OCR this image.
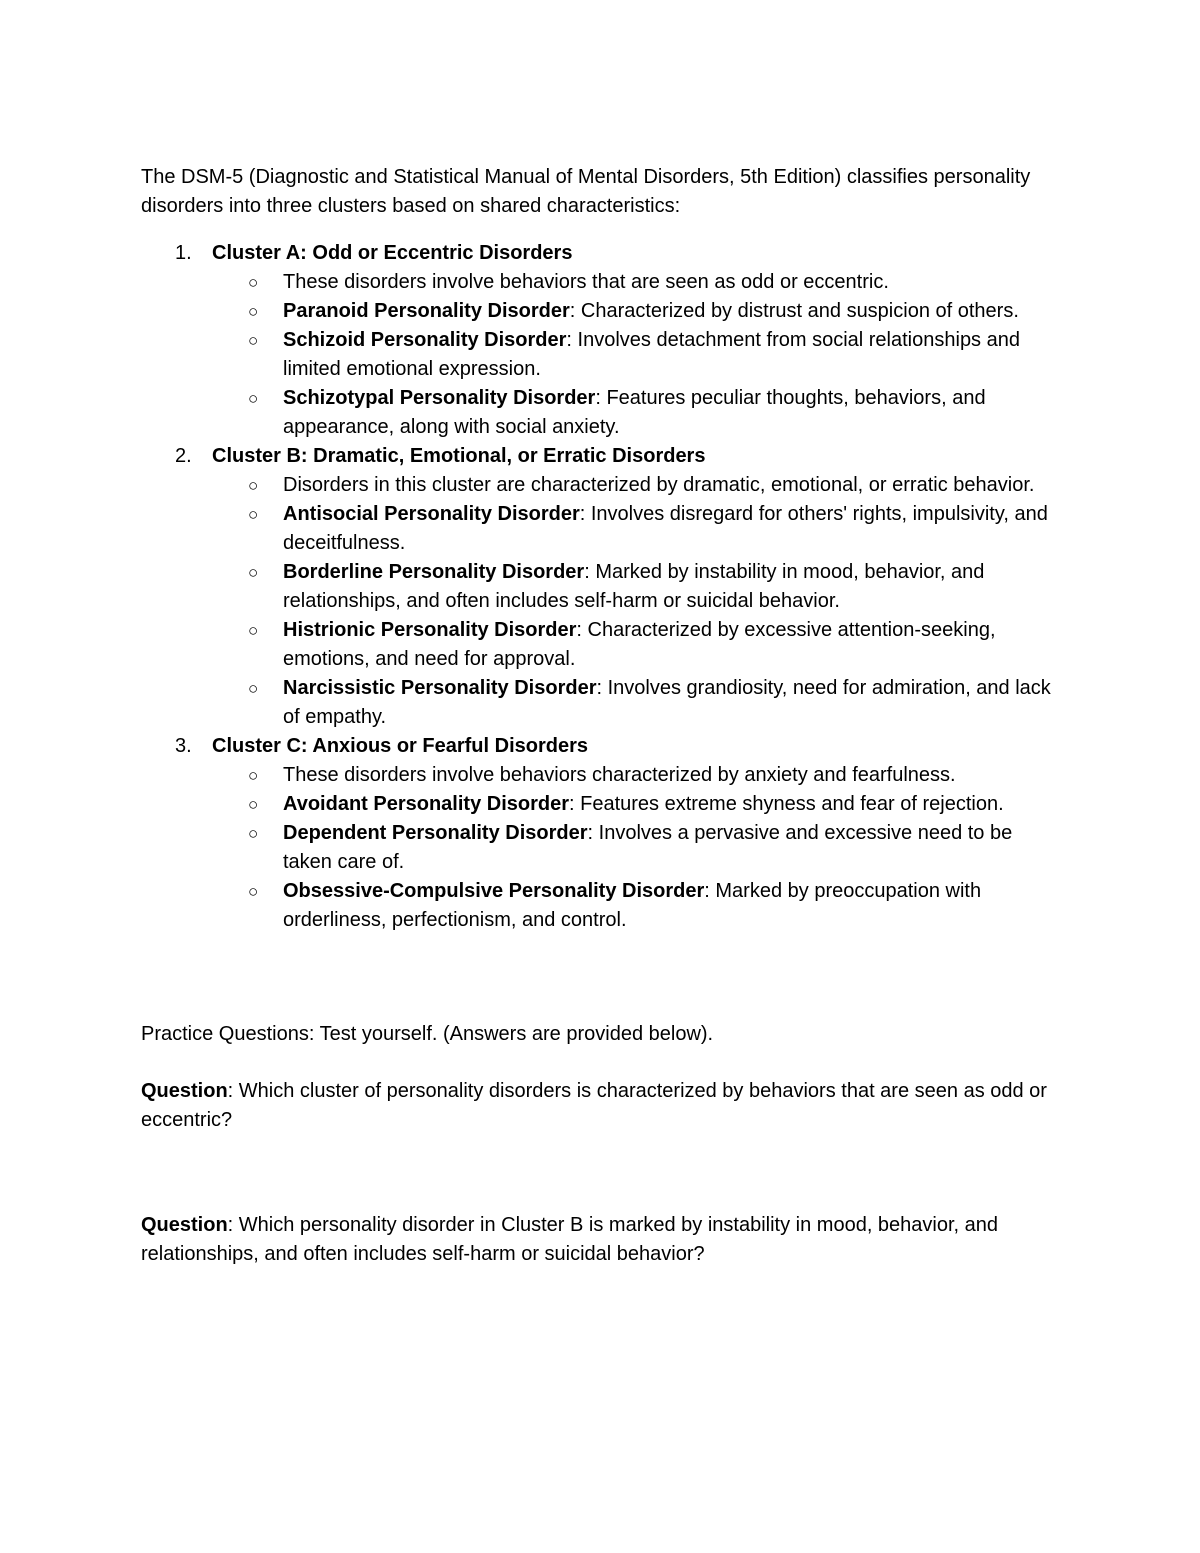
The DSM-5 (Diagnostic and Statistical Manual of Mental Disorders, 5th Edition) classifies personality disorders into three clusters based on shared characteristics:

1. Cluster A: Odd or Eccentric Disorders
○ These disorders involve behaviors that are seen as odd or eccentric.
○ Paranoid Personality Disorder: Characterized by distrust and suspicion of others.
○ Schizoid Personality Disorder: Involves detachment from social relationships and limited emotional expression.
○ Schizotypal Personality Disorder: Features peculiar thoughts, behaviors, and appearance, along with social anxiety.
2. Cluster B: Dramatic, Emotional, or Erratic Disorders
○ Disorders in this cluster are characterized by dramatic, emotional, or erratic behavior.
○ Antisocial Personality Disorder: Involves disregard for others' rights, impulsivity, and deceitfulness.
○ Borderline Personality Disorder: Marked by instability in mood, behavior, and relationships, and often includes self-harm or suicidal behavior.
○ Histrionic Personality Disorder: Characterized by excessive attention-seeking, emotions, and need for approval.
○ Narcissistic Personality Disorder: Involves grandiosity, need for admiration, and lack of empathy.
3. Cluster C: Anxious or Fearful Disorders
○ These disorders involve behaviors characterized by anxiety and fearfulness.
○ Avoidant Personality Disorder: Features extreme shyness and fear of rejection.
○ Dependent Personality Disorder: Involves a pervasive and excessive need to be taken care of.
○ Obsessive-Compulsive Personality Disorder: Marked by preoccupation with orderliness, perfectionism, and control.

Practice Questions: Test yourself. (Answers are provided below).

Question: Which cluster of personality disorders is characterized by behaviors that are seen as odd or eccentric?

Question: Which personality disorder in Cluster B is marked by instability in mood, behavior, and relationships, and often includes self-harm or suicidal behavior?
